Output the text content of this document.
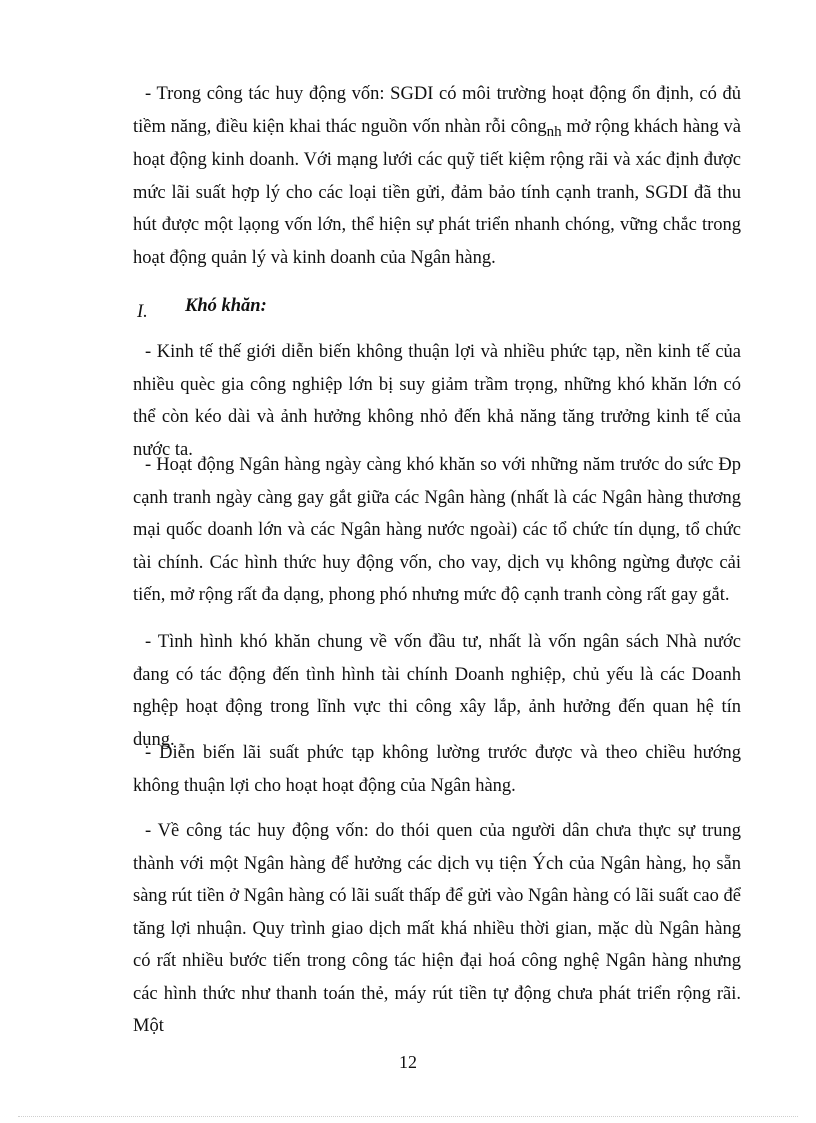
- Trong công tác huy động vốn: SGDI có môi trường hoạt động ổn định, có đủ tiềm năng, điều kiện khai thác nguồn vốn nhàn rỗi công$_{nh}$ mở rộng khách hàng và hoạt động kinh doanh. Với mạng lưới các quỹ tiết kiệm rộng rãi và xác định được mức lãi suất hợp lý cho các loại tiền gửi, đảm bảo tính cạnh tranh, SGDI đã thu hút được một lạọng vốn lớn, thể hiện sự phát triển nhanh chóng, vững chắc trong hoạt động quản lý và kinh doanh của Ngân hàng.

I.	Khó khăn:

- Kinh tế thế giới diễn biến không thuận lợi và nhiều phức tạp, nền kinh tế của nhiều quèc gia công nghiệp lớn bị suy giảm trầm trọng, những khó khăn lớn có thể còn kéo dài và ảnh hưởng không nhỏ đến khả năng tăng trưởng kinh tế của nước ta.

- Hoạt động Ngân hàng ngày càng khó khăn so với những năm trước do sức Đp cạnh tranh ngày càng gay gắt giữa các Ngân hàng (nhất là các Ngân hàng thương mại quốc doanh lớn và các Ngân hàng nước ngoài) các tổ chức tín dụng, tổ chức tài chính. Các hình thức huy động vốn, cho vay, dịch vụ không ngừng được cải tiến, mở rộng rất đa dạng, phong phó nhưng mức độ cạnh tranh còng rất gay gắt.

- Tình hình khó khăn chung về vốn đầu tư, nhất là vốn ngân sách Nhà nước đang có tác động đến tình hình tài chính Doanh nghiệp, chủ yếu là các Doanh nghệp hoạt động trong lĩnh vực thi công xây lắp, ảnh hưởng đến quan hệ tín dụng.

- Diễn biến lãi suất phức tạp không lường trước được và theo chiều hướng không thuận lợi cho hoạt hoạt động của Ngân hàng.

- Về công tác huy động vốn: do thói quen của người dân chưa thực sự trung thành với một Ngân hàng để hưởng các dịch vụ tiện Ých của Ngân hàng, họ sẵn sàng rút tiền ở Ngân hàng có lãi suất thấp để gửi vào Ngân hàng có lãi suất cao để tăng lợi nhuận. Quy trình giao dịch mất khá nhiều thời gian, mặc dù Ngân hàng có rất nhiều bước tiến trong công tác hiện đại hoá công nghệ Ngân hàng nhưng các hình thức như thanh toán thẻ, máy rút tiền tự động chưa phát triển rộng rãi. Một

12
